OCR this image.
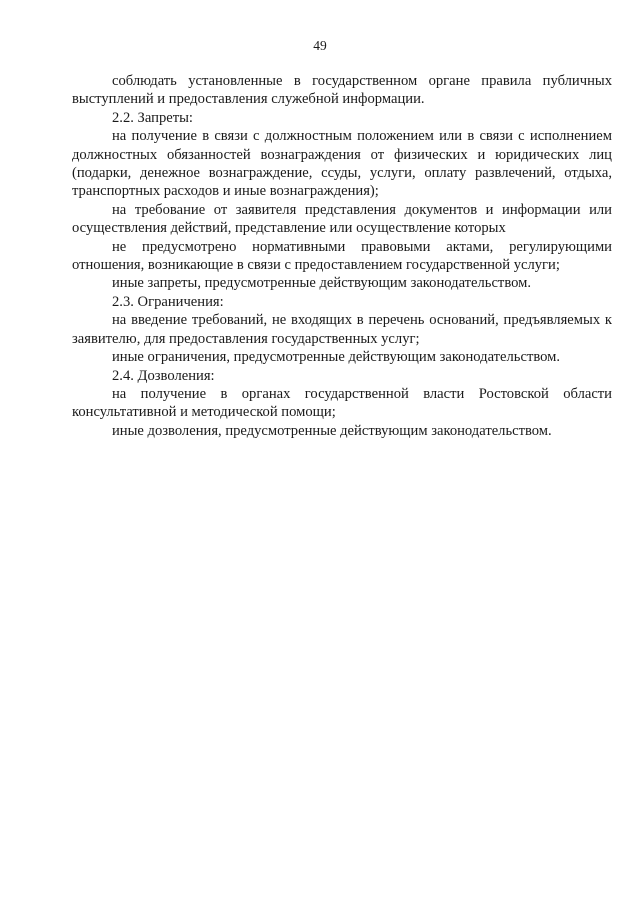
49

соблюдать установленные в государственном органе правила публичных выступлений и предоставления служебной информации.

2.2. Запреты:

на получение в связи с должностным положением или в связи с исполнением должностных обязанностей вознаграждения от физических и юридических лиц (подарки, денежное вознаграждение, ссуды, услуги, оплату развлечений, отдыха, транспортных расходов и иные вознаграждения);

на требование от заявителя представления документов и информации или осуществления действий, представление или осуществление которых

не предусмотрено нормативными правовыми актами, регулирующими отношения, возникающие в связи с предоставлением государственной услуги;

иные запреты, предусмотренные действующим законодательством.

2.3. Ограничения:

на введение требований, не входящих в перечень оснований, предъявляемых к заявителю, для предоставления государственных услуг;

иные ограничения, предусмотренные действующим законодательством.

2.4. Дозволения:

на получение в органах государственной власти Ростовской области консультативной и методической помощи;

иные дозволения, предусмотренные действующим законодательством.
